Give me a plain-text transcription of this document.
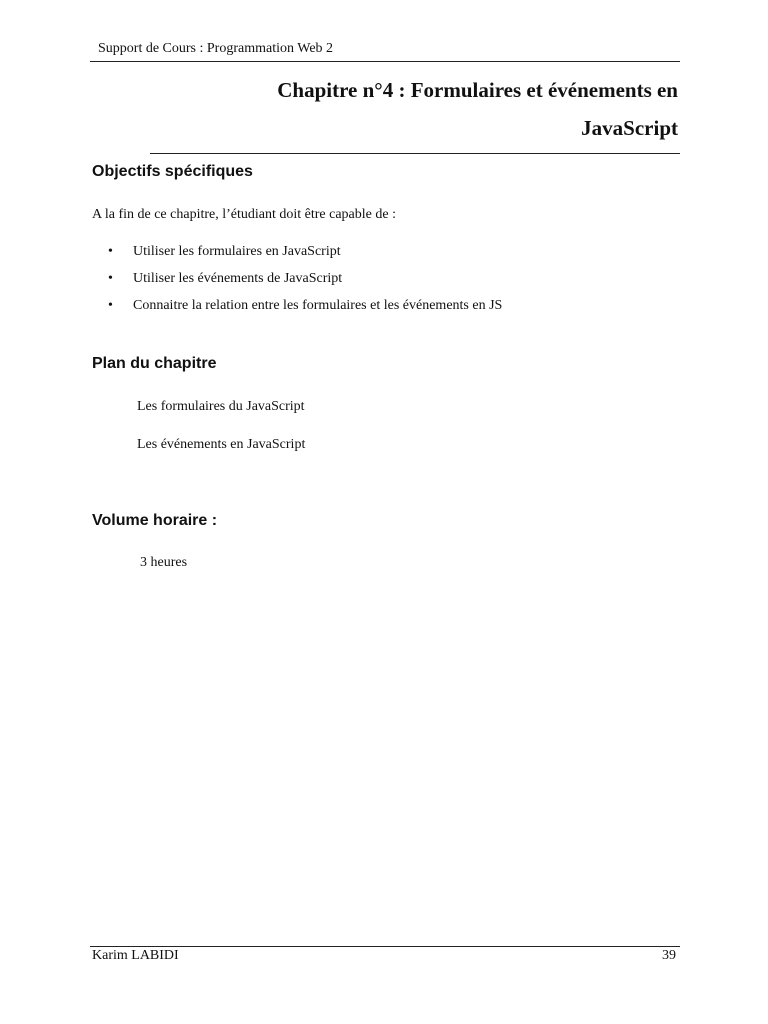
Support de Cours : Programmation Web 2
Chapitre n°4 : Formulaires et événements en
JavaScript
Objectifs spécifiques
A la fin de ce chapitre, l’étudiant doit être capable de :
• Utiliser les formulaires en JavaScript
• Utiliser les événements de JavaScript
• Connaitre la relation entre les formulaires et les événements en JS
Plan du chapitre
Les formulaires du JavaScript
Les événements en JavaScript
Volume horaire :
3 heures
Karim LABIDI	39
